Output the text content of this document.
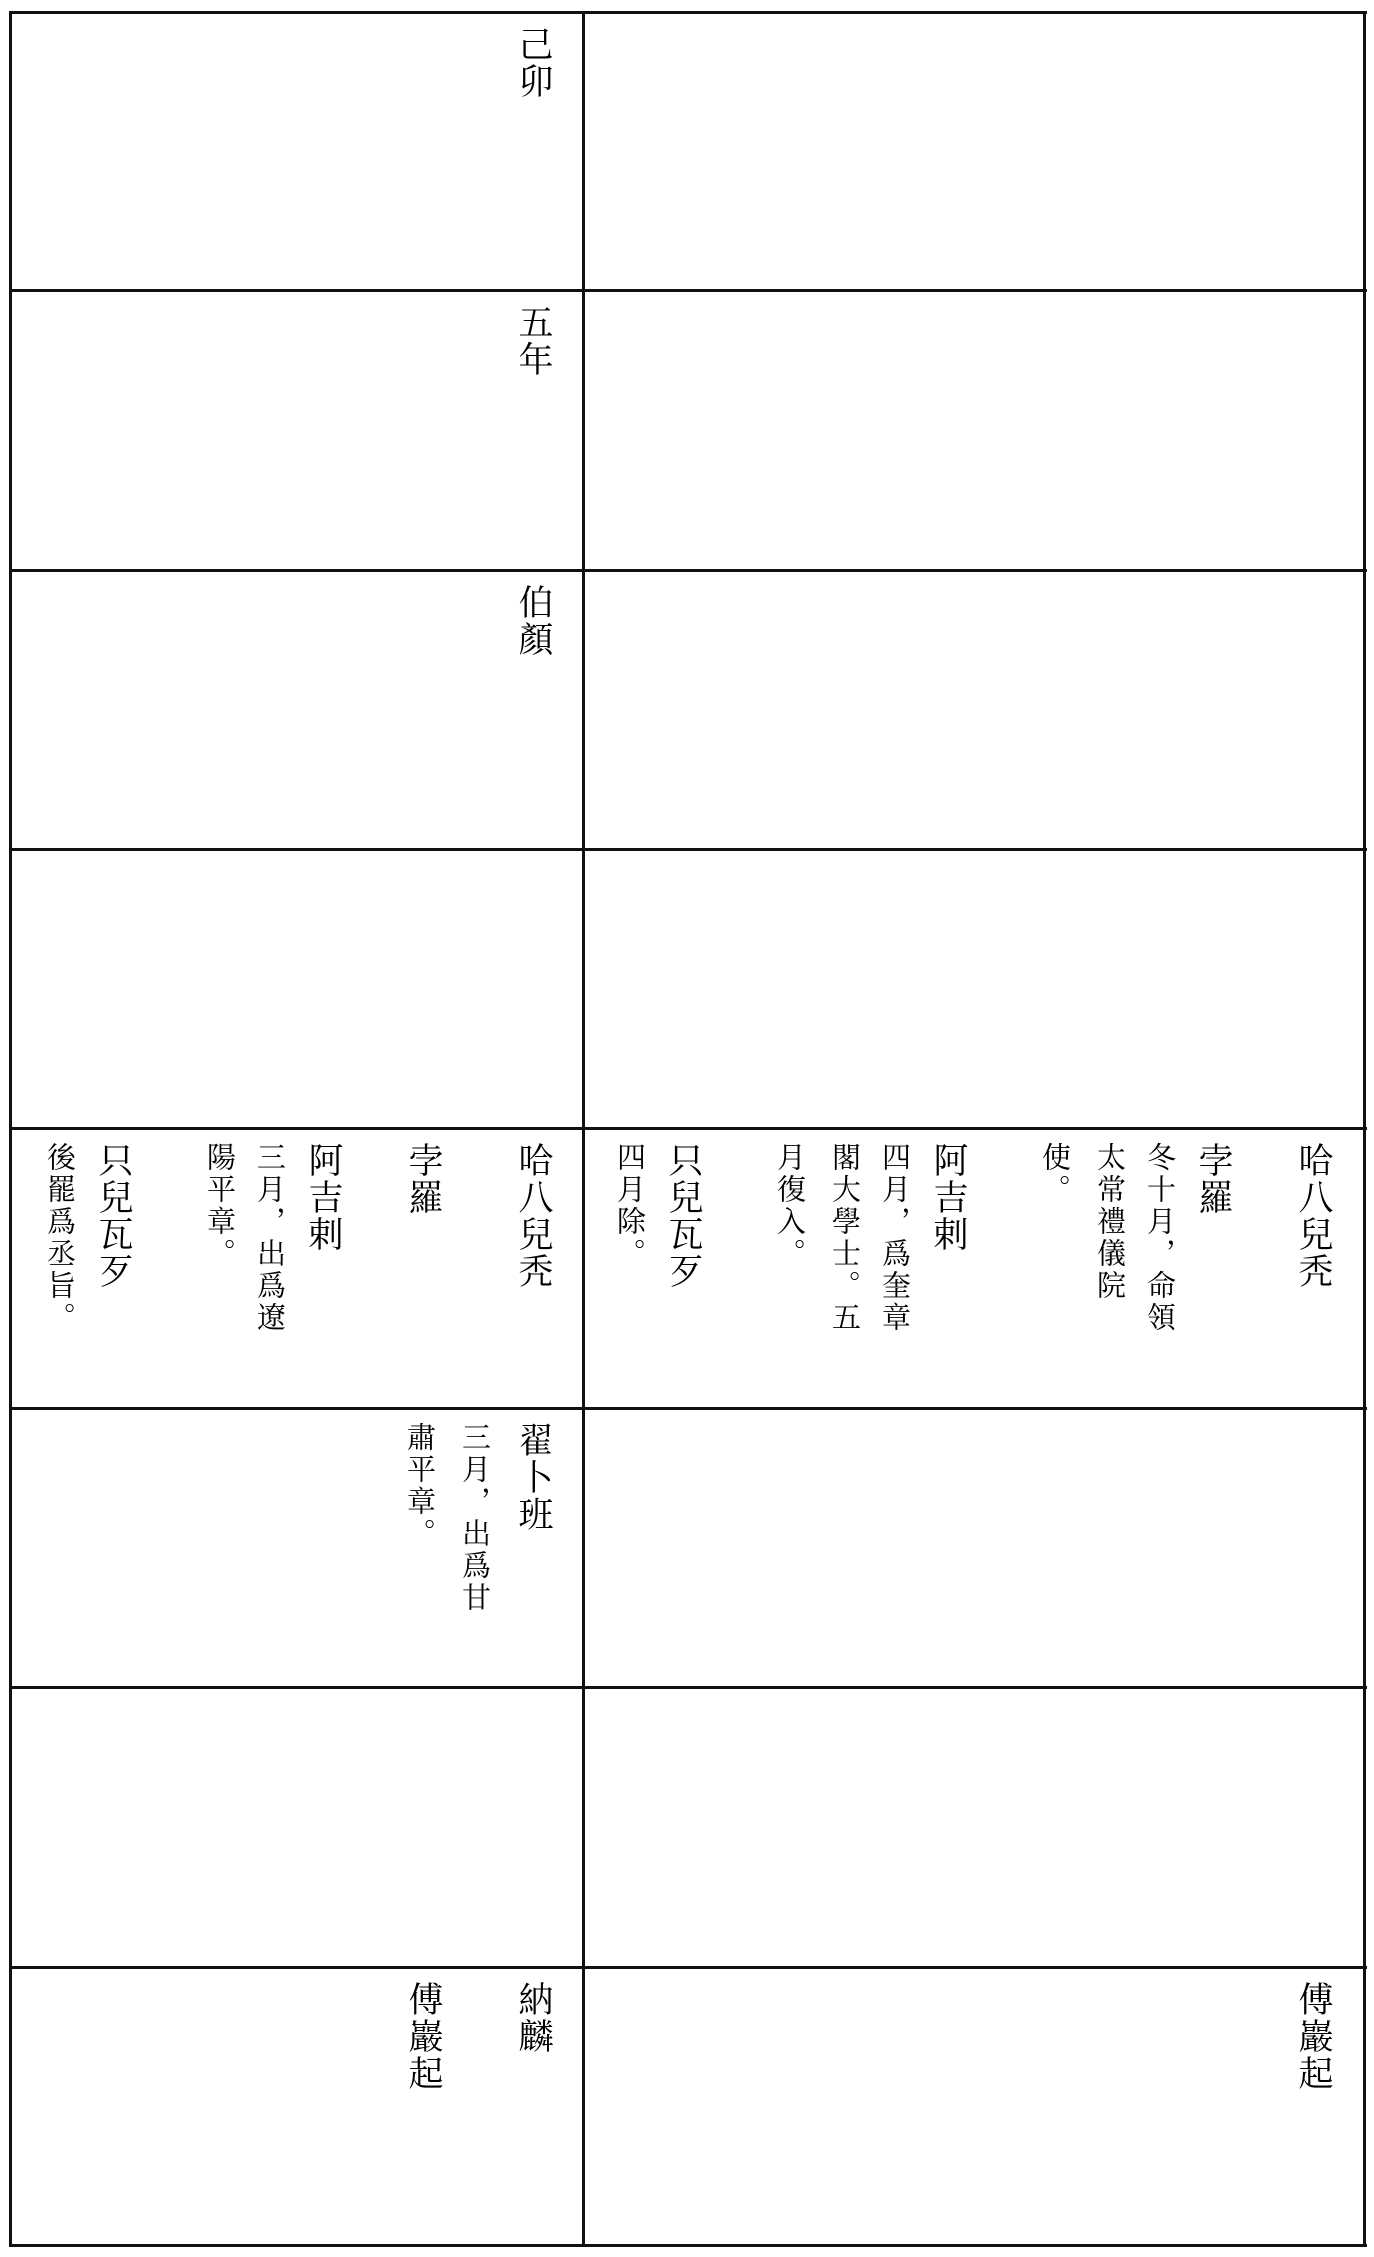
己卯
五年
伯顏
哈八兒秃
孛羅
阿吉剌
三月，出爲遼
陽平章。
只兒瓦歹
後罷爲丞旨。	哈八兒秃
孛羅
冬十月，命領
太常禮儀院
使。
阿吉剌
四月，爲奎章
閣大學士。五
月復入。
只兒瓦歹
四月除。
翟卜班
三月，出爲甘
肅平章。
納麟
傅巖起	傅巖起
